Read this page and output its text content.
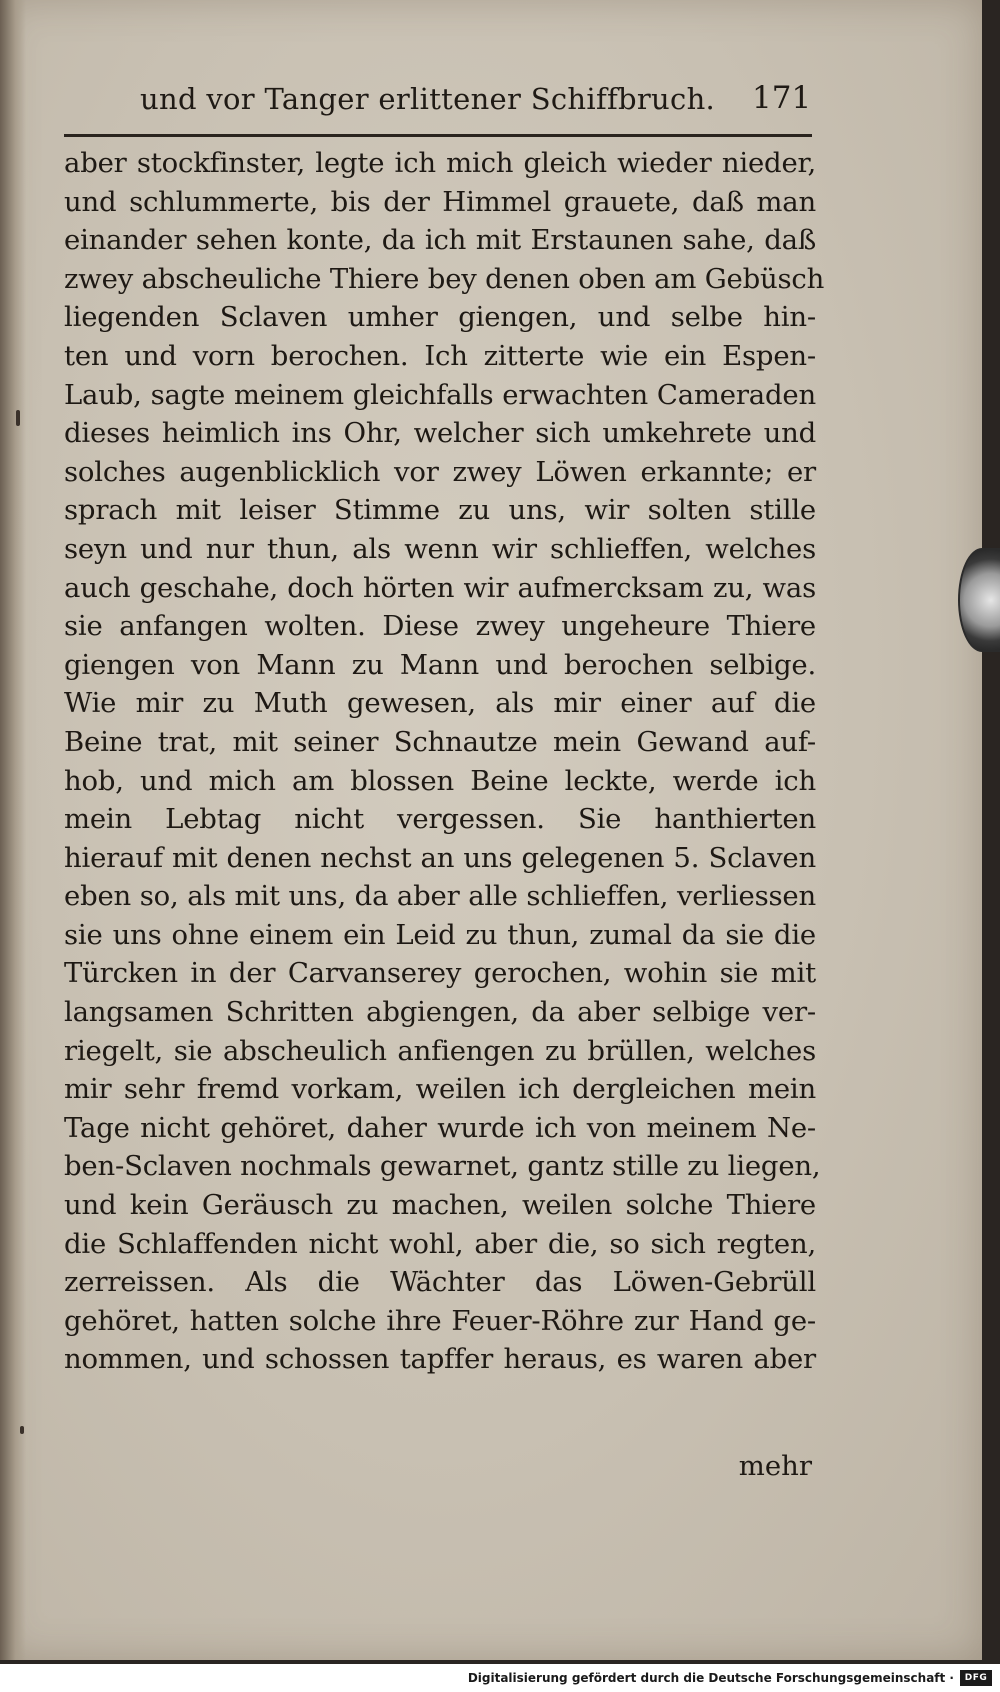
und vor Tanger erlittener Schiffbruch.	171
aber stockfinster, legte ich mich gleich wieder nieder,
und schlummerte, bis der Himmel grauete, daß man
einander sehen konte, da ich mit Erstaunen sahe, daß
zwey abscheuliche Thiere bey denen oben am Gebüsch
liegenden Sclaven umher giengen, und selbe hin-
ten und vorn berochen. Ich zitterte wie ein Espen-
Laub, sagte meinem gleichfalls erwachten Cameraden
dieses heimlich ins Ohr, welcher sich umkehrete und
solches augenblicklich vor zwey Löwen erkannte; er
sprach mit leiser Stimme zu uns, wir solten stille
seyn und nur thun, als wenn wir schlieffen, welches
auch geschahe, doch hörten wir aufmercksam zu, was
sie anfangen wolten. Diese zwey ungeheure Thiere
giengen von Mann zu Mann und berochen selbige.
Wie mir zu Muth gewesen, als mir einer auf die
Beine trat, mit seiner Schnautze mein Gewand auf-
hob, und mich am blossen Beine leckte, werde ich
mein Lebtag nicht vergessen. Sie hanthierten
hierauf mit denen nechst an uns gelegenen 5. Sclaven
eben so, als mit uns, da aber alle schlieffen, verliessen
sie uns ohne einem ein Leid zu thun, zumal da sie die
Türcken in der Carvanserey gerochen, wohin sie mit
langsamen Schritten abgiengen, da aber selbige ver-
riegelt, sie abscheulich anfiengen zu brüllen, welches
mir sehr fremd vorkam, weilen ich dergleichen mein
Tage nicht gehöret, daher wurde ich von meinem Ne-
ben-Sclaven nochmals gewarnet, gantz stille zu liegen,
und kein Geräusch zu machen, weilen solche Thiere
die Schlaffenden nicht wohl, aber die, so sich regten,
zerreissen. Als die Wächter das Löwen-Gebrüll
gehöret, hatten solche ihre Feuer-Röhre zur Hand ge-
nommen, und schossen tapffer heraus, es waren aber
mehr
Digitalisierung gefördert durch die Deutsche Forschungsgemeinschaft ·	DFG
